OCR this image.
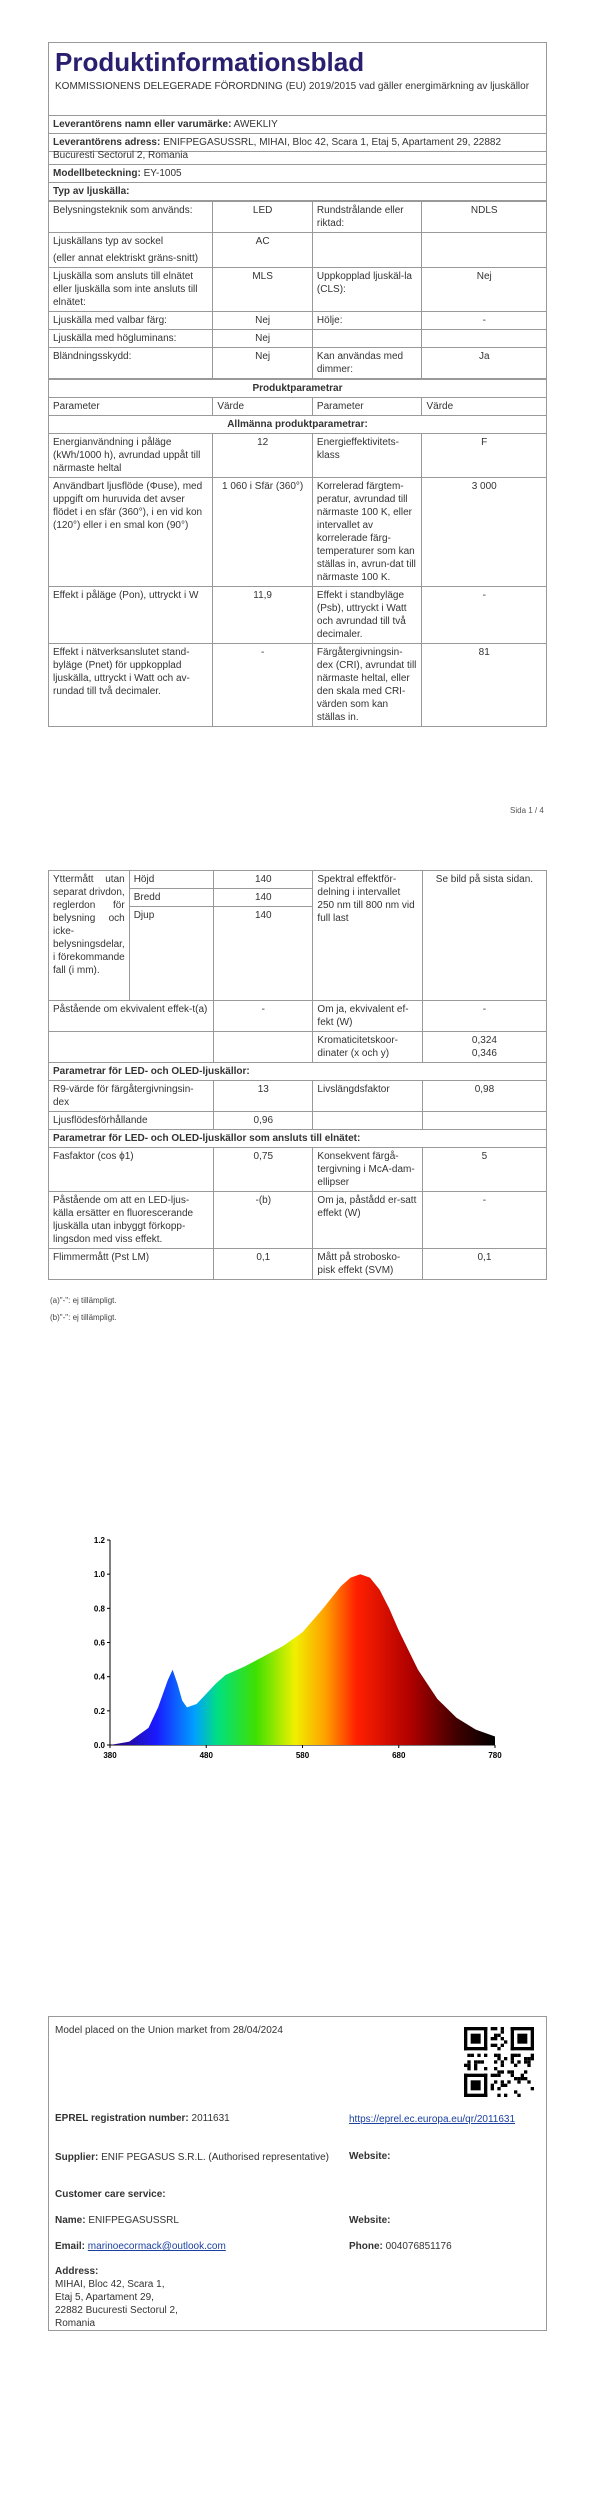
Produktinformationsblad
KOMMISSIONENS DELEGERADE FÖRORDNING (EU) 2019/2015 vad gäller energimärkning av ljuskällor
Leverantörens namn eller varumärke: AWEKLIY
Leverantörens adress: ENIFPEGASUSSRL, MIHAI, Bloc 42, Scara 1, Etaj 5, Apartament 29, 22882 Bucuresti Sectorul 2, Romania
Modellbeteckning: EY-1005
Typ av ljuskälla:
Belysningsteknik som används:	LED	Rundstrålande eller riktad:	NDLS

Ljuskällans typ av sockel
(eller annat elektriskt gräns-snitt)	AC		
Ljuskälla som ansluts till elnätet eller ljuskälla som inte ansluts till elnätet:	MLS	Uppkopplad ljuskäl-la (CLS):	Nej
Ljuskälla med valbar färg:	Nej	Hölje:	-
Ljuskälla med högluminans:	Nej		
Bländningsskydd:	Nej	Kan användas med dimmer:	Ja
Produktparametrar			
Parameter	Värde	Parameter	Värde
Allmänna produktparametrar:			
Energianvändning i påläge (kWh/1000 h), avrundad uppåt till närmaste heltal	12	Energieffektivitets-klass	F
Användbart ljusflöde (Φuse), med uppgift om huruvida det avser flödet i en sfär (360°), i en vid kon (120°) eller i en smal kon (90°)	1 060 i Sfär (360°)	Korrelerad färgtem-peratur, avrundad till närmaste 100 K, eller intervallet av korrelerade färg-temperaturer som kan ställas in, avrun-dat till närmaste 100 K.	3 000
Effekt i påläge (Pon), uttryckt i W	11,9	Effekt i standbyläge (Psb), uttryckt i Watt och avrundad till två decimaler.	-
Effekt i nätverksanslutet stand-byläge (Pnet) för uppkopplad ljuskälla, uttryckt i Watt och av-rundad till två decimaler.	-	Färgåtergivningsin-dex (CRI), avrundat till närmaste heltal, eller den skala med CRI-värden som kan ställas in.	81
Sida 1 / 4
Yttermått utan separat drivdon, reglerdon för belysning och icke-belysningsdelar, i förekommande fall (i mm).	Höjd	140	Spektral effektför-delning i intervallet 250 nm till 800 nm vid full last	Se bild på sista sidan.
	Bredd	140		
	Djup	140		
Påstående om ekvivalent effek-t(a)		-	Om ja, ekvivalent ef-fekt (W)	-
			Kromaticitetskoor-dinater (x och y)	0,324
0,346

Parametrar för LED- och OLED-ljuskällor:				
R9-värde för färgåtergivningsin-dex		13	Livslängdsfaktor	0,98
Ljusflödesförhållande		0,96		
Parametrar för LED- och OLED-ljuskällor som ansluts till elnätet:				
Fasfaktor (cos ϕ1)		0,75	Konsekvent färgå-tergivning i McA-dam-ellipser	5
Påstående om att en LED-ljus-källa ersätter en fluorescerande ljuskälla utan inbyggt förkopp-lingsdon med viss effekt.		-(b)	Om ja, påstådd er-satt effekt (W)	-
Flimmermått (Pst LM)		0,1	Mått på strobosko-pisk effekt (SVM)	0,1
(a)"-": ej tillämpligt.
(b)"-": ej tillämpligt.
0.0
0.2
0.4
0.6
0.8
1.0
1.2
380	480	580	680	780
Model placed on the Union market from 28/04/2024
EPREL registration number: 2011631	https://eprel.ec.europa.eu/qr/2011631
Supplier: ENIF PEGASUS S.R.L. (Authorised representative)	Website:
Customer care service:
Name: ENIFPEGASUSSRL	Website:
Email: marinoecormack@outlook.com	Phone: 004076851176
Address:
MIHAI, Bloc 42, Scara 1,
Etaj 5, Apartament 29,
22882 Bucuresti Sectorul 2,
Romania
